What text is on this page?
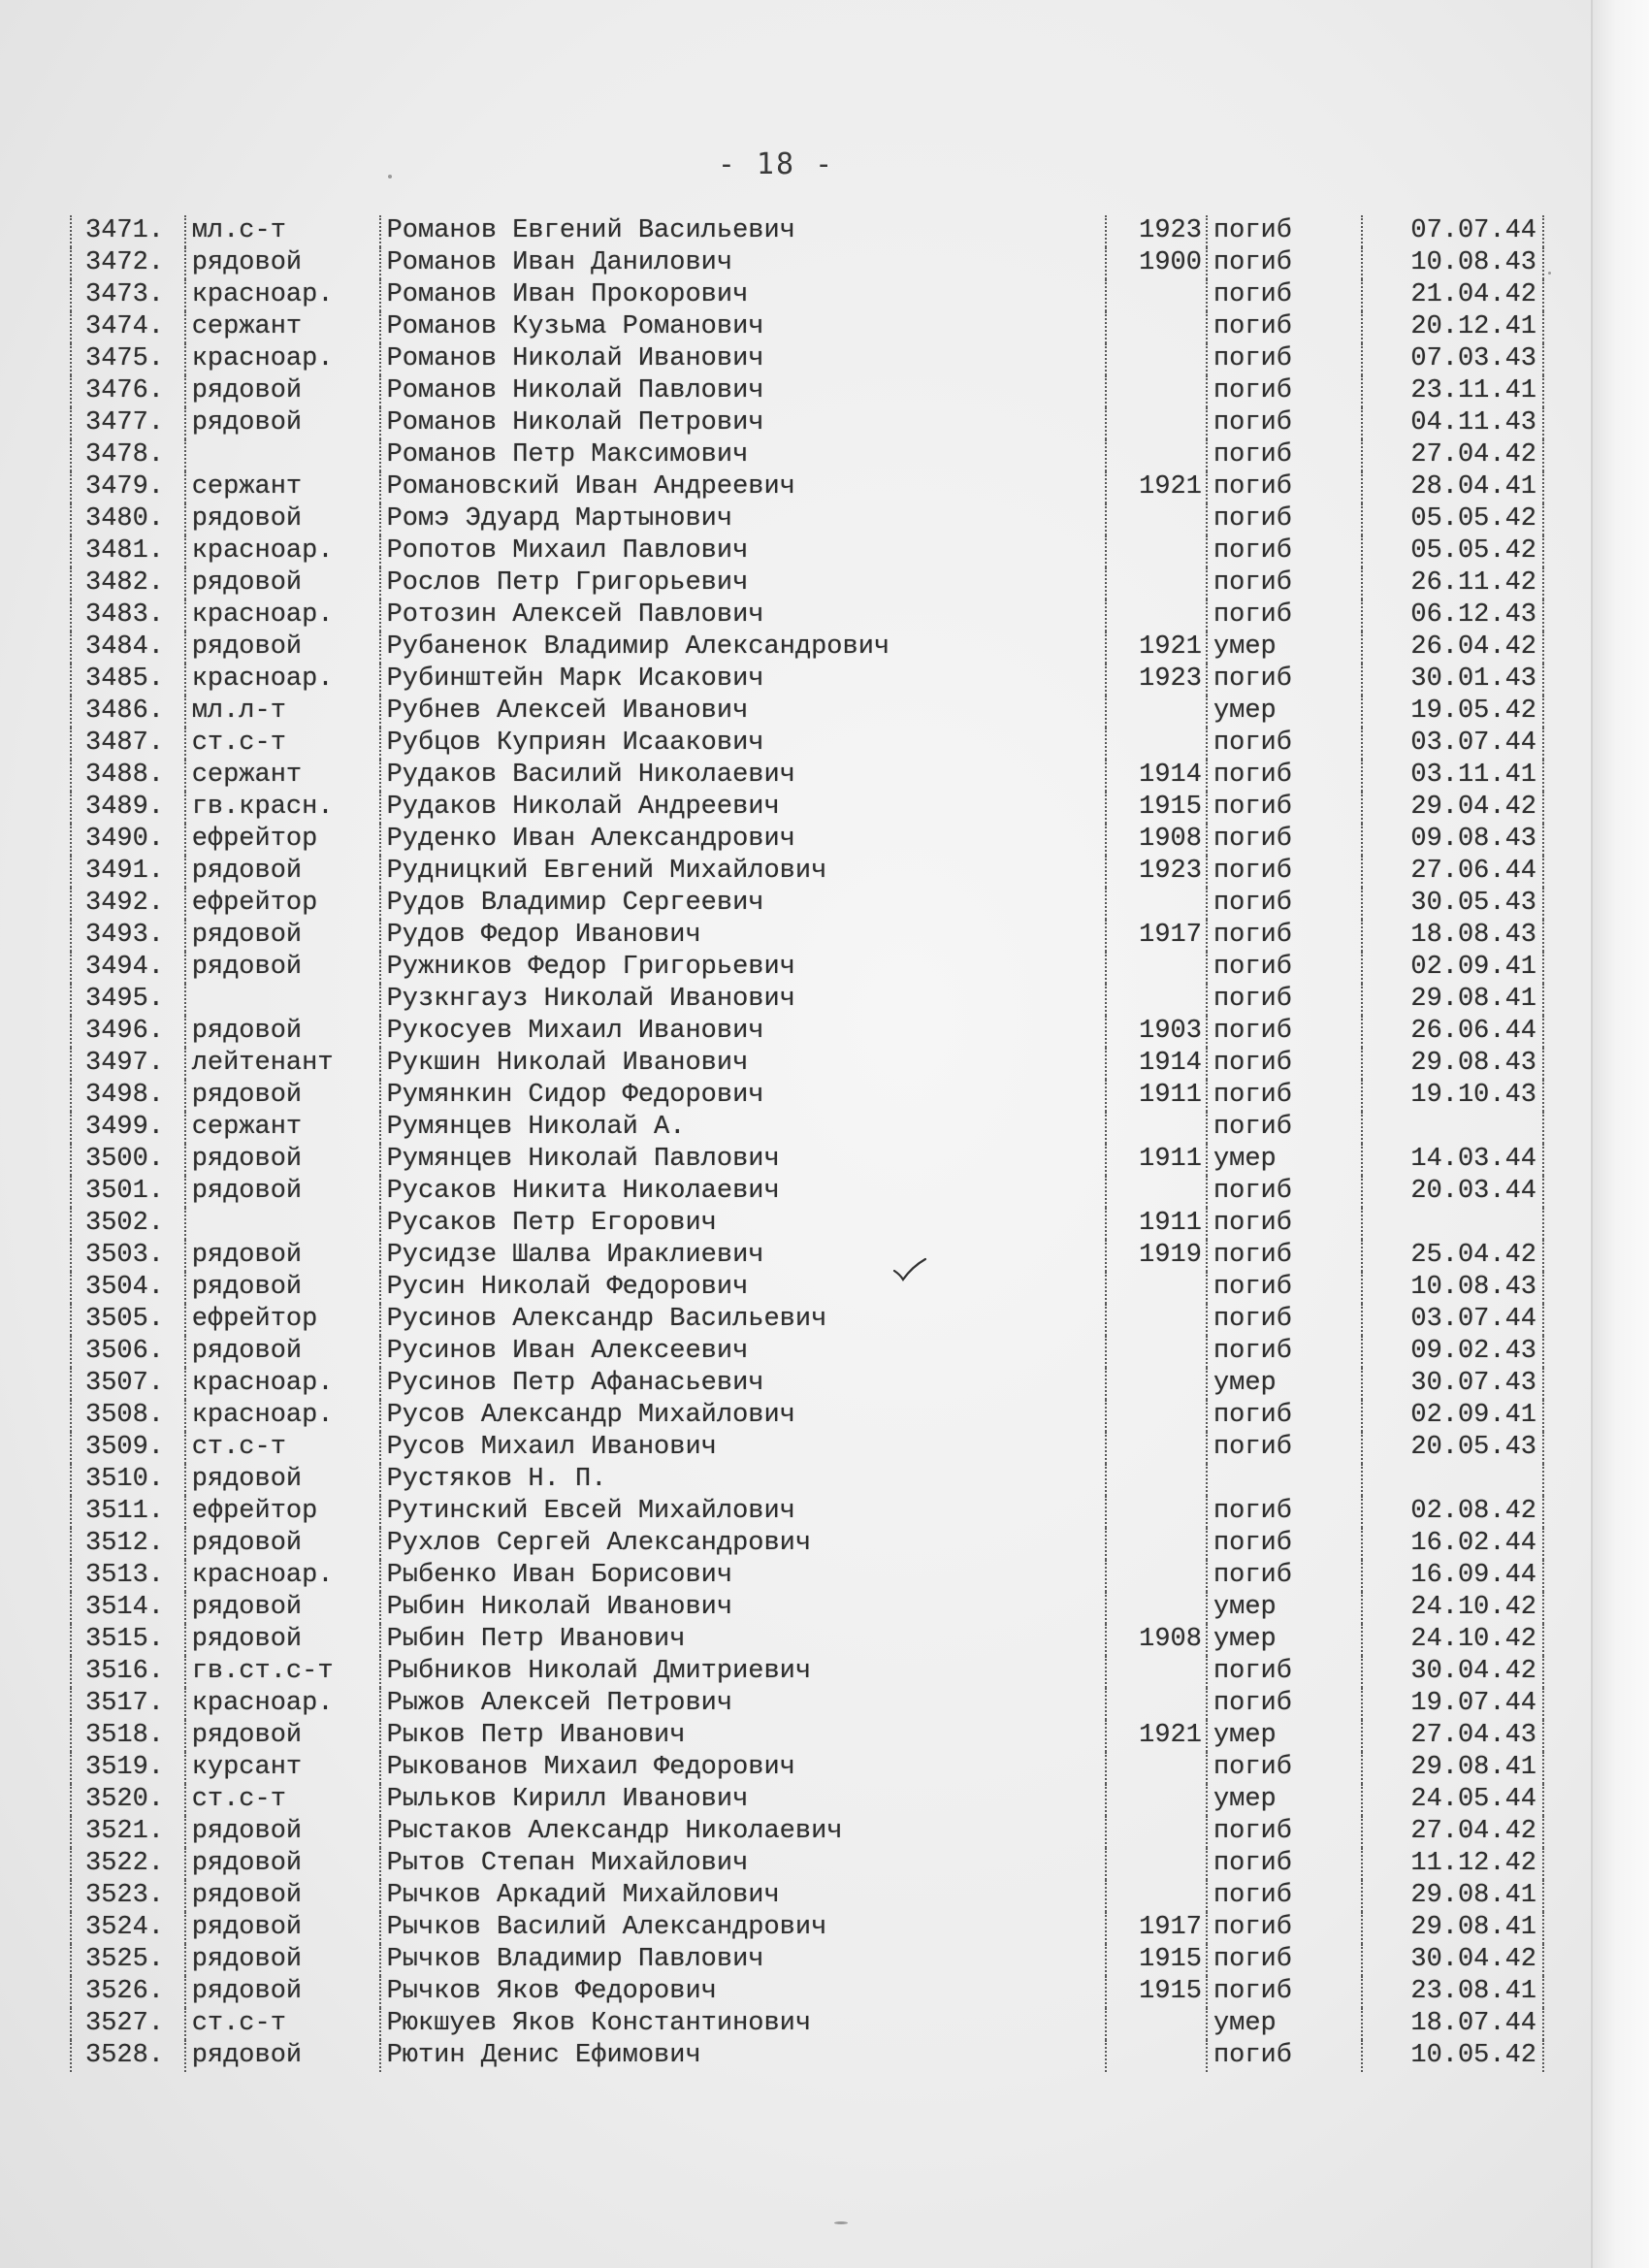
- 18 -
3471.	мл.с-т	Романов Евгений Васильевич	1923	погиб	07.07.44
3472.	рядовой	Романов Иван Данилович	1900	погиб	10.08.43
3473.	красноар.	Романов Иван Прокорович		погиб	21.04.42
3474.	сержант	Романов Кузьма Романович		погиб	20.12.41
3475.	красноар.	Романов Николай Иванович		погиб	07.03.43
3476.	рядовой	Романов Николай Павлович		погиб	23.11.41
3477.	рядовой	Романов Николай Петрович		погиб	04.11.43
3478.		Романов Петр Максимович		погиб	27.04.42
3479.	сержант	Романовский Иван Андреевич	1921	погиб	28.04.41
3480.	рядовой	Ромэ Эдуард Мартынович		погиб	05.05.42
3481.	красноар.	Ропотов Михаил Павлович		погиб	05.05.42
3482.	рядовой	Рослов Петр Григорьевич		погиб	26.11.42
3483.	красноар.	Ротозин Алексей Павлович		погиб	06.12.43
3484.	рядовой	Рубаненок Владимир Александрович	1921	умер	26.04.42
3485.	красноар.	Рубинштейн Марк Исакович	1923	погиб	30.01.43
3486.	мл.л-т	Рубнев Алексей Иванович		умер	19.05.42
3487.	ст.с-т	Рубцов Куприян Исаакович		погиб	03.07.44
3488.	сержант	Рудаков Василий Николаевич	1914	погиб	03.11.41
3489.	гв.красн.	Рудаков Николай Андреевич	1915	погиб	29.04.42
3490.	ефрейтор	Руденко Иван Александрович	1908	погиб	09.08.43
3491.	рядовой	Рудницкий Евгений Михайлович	1923	погиб	27.06.44
3492.	ефрейтор	Рудов Владимир Сергеевич		погиб	30.05.43
3493.	рядовой	Рудов Федор Иванович	1917	погиб	18.08.43
3494.	рядовой	Ружников Федор Григорьевич		погиб	02.09.41
3495.		Рузкнгауз Николай Иванович		погиб	29.08.41
3496.	рядовой	Рукосуев Михаил Иванович	1903	погиб	26.06.44
3497.	лейтенант	Рукшин Николай Иванович	1914	погиб	29.08.43
3498.	рядовой	Румянкин Сидор Федорович	1911	погиб	19.10.43
3499.	сержант	Румянцев Николай А.		погиб	
3500.	рядовой	Румянцев Николай Павлович	1911	умер	14.03.44
3501.	рядовой	Русаков Никита Николаевич		погиб	20.03.44
3502.		Русаков Петр Егорович	1911	погиб	
3503.	рядовой	Русидзе Шалва Ираклиевич	1919	погиб	25.04.42
3504.	рядовой	Русин Николай Федорович		погиб	10.08.43
3505.	ефрейтор	Русинов Александр Васильевич		погиб	03.07.44
3506.	рядовой	Русинов Иван Алексеевич		погиб	09.02.43
3507.	красноар.	Русинов Петр Афанасьевич		умер	30.07.43
3508.	красноар.	Русов Александр Михайлович		погиб	02.09.41
3509.	ст.с-т	Русов Михаил Иванович		погиб	20.05.43
3510.	рядовой	Рустяков Н. П.			
3511.	ефрейтор	Рутинский Евсей Михайлович		погиб	02.08.42
3512.	рядовой	Рухлов Сергей Александрович		погиб	16.02.44
3513.	красноар.	Рыбенко Иван Борисович		погиб	16.09.44
3514.	рядовой	Рыбин Николай Иванович		умер	24.10.42
3515.	рядовой	Рыбин Петр Иванович	1908	умер	24.10.42
3516.	гв.ст.с-т	Рыбников Николай Дмитриевич		погиб	30.04.42
3517.	красноар.	Рыжов Алексей Петрович		погиб	19.07.44
3518.	рядовой	Рыков Петр Иванович	1921	умер	27.04.43
3519.	курсант	Рыкованов Михаил Федорович		погиб	29.08.41
3520.	ст.с-т	Рыльков Кирилл Иванович		умер	24.05.44
3521.	рядовой	Рыстаков Александр Николаевич		погиб	27.04.42
3522.	рядовой	Рытов Степан Михайлович		погиб	11.12.42
3523.	рядовой	Рычков Аркадий Михайлович		погиб	29.08.41
3524.	рядовой	Рычков Василий Александрович	1917	погиб	29.08.41
3525.	рядовой	Рычков Владимир Павлович	1915	погиб	30.04.42
3526.	рядовой	Рычков Яков Федорович	1915	погиб	23.08.41
3527.	ст.с-т	Рюкшуев Яков Константинович		умер	18.07.44
3528.	рядовой	Рютин Денис Ефимович		погиб	10.05.42
